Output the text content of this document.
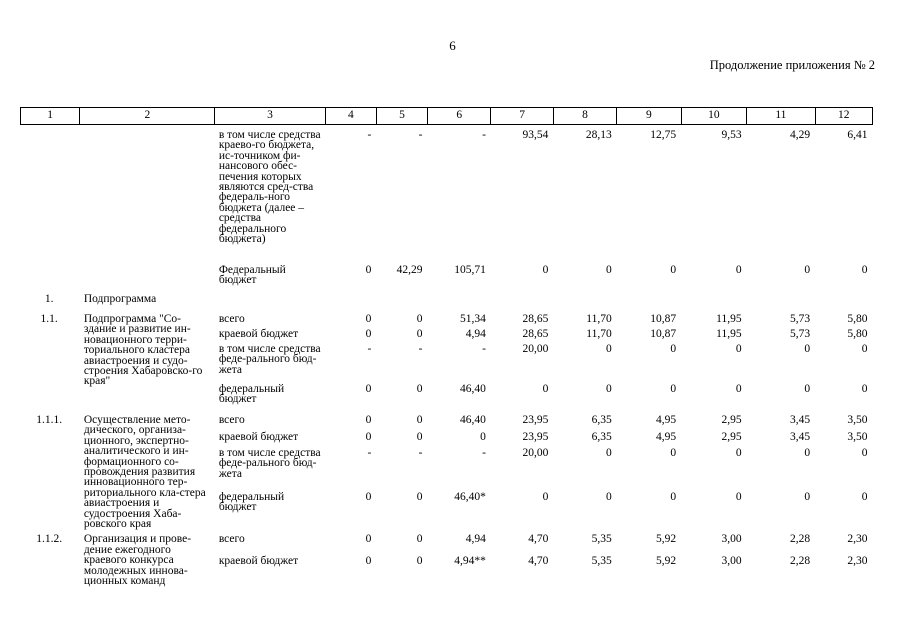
6
Продолжение приложения № 2
1	2	3	4	5	6	7	8	9	10	11	12

		в том числе средства краево-го бюджета, ис-точником фи-нансового обес-печения которых являются сред-ства федераль-ного бюджета (далее – средства федерального бюджета)	-	-	-	93,54	28,13	12,75	9,53	4,29	6,41
		Федеральный бюджет	0	42,29	105,71	0	0	0	0	0	0

1.	Подпрограмма										

1.1.	Подпрограмма "Со-здание и развитие ин-новационного терри-ториального кластера авиастроения и судо-строения Хабаровско-го края"	всего	0	0	51,34	28,65	11,70	10,87	11,95	5,73	5,80
		краевой бюджет	0	0	4,94	28,65	11,70	10,87	11,95	5,73	5,80
		в том числе средства феде-рального бюд-жета	-	-	-	20,00	0	0	0	0	0
		федеральный бюджет	0	0	46,40	0	0	0	0	0	0

1.1.1.	Осуществление мето-дического, организа-ционного, экспертно-аналитического и ин-формационного со-провождения развития инновационного тер-риториального кла-стера авиастроения и судостроения Хаба-ровского края	всего	0	0	46,40	23,95	6,35	4,95	2,95	3,45	3,50
		краевой бюджет	0	0	0	23,95	6,35	4,95	2,95	3,45	3,50
		в том числе средства феде-рального бюд-жета	-	-	-	20,00	0	0	0	0	0
		федеральный бюджет	0	0	46,40*	0	0	0	0	0	0

1.1.2.	Организация и прове-дение ежегодного краевого конкурса молодежных иннова-ционных команд	всего	0	0	4,94	4,70	5,35	5,92	3,00	2,28	2,30
		краевой бюджет	0	0	4,94**	4,70	5,35	5,92	3,00	2,28	2,30
